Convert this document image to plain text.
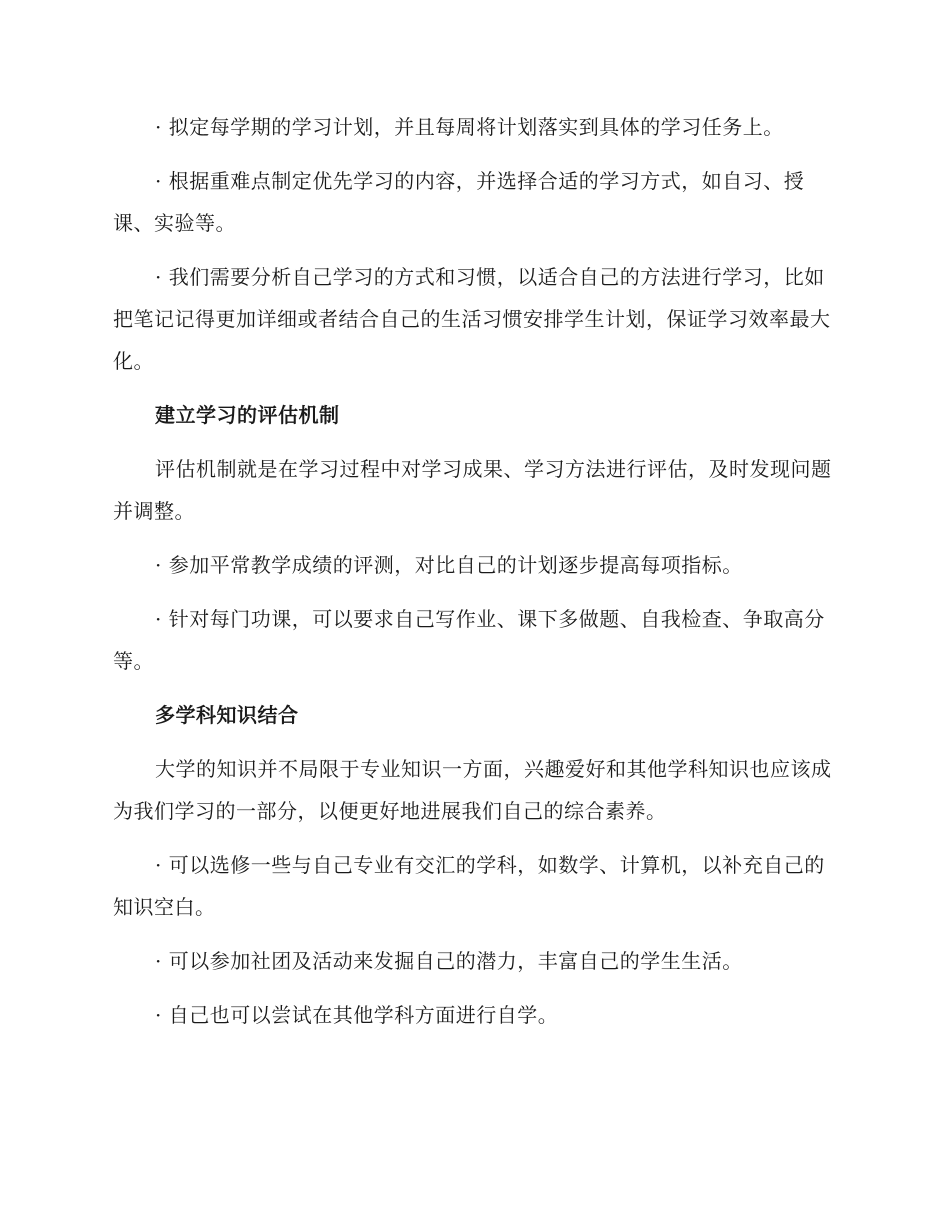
· 拟定每学期的学习计划，并且每周将计划落实到具体的学习任务上。

· 根据重难点制定优先学习的内容，并选择合适的学习方式，如自习、授课、实验等。

· 我们需要分析自己学习的方式和习惯，以适合自己的方法进行学习，比如把笔记记得更加详细或者结合自己的生活习惯安排学生计划，保证学习效率最大化。

建立学习的评估机制

评估机制就是在学习过程中对学习成果、学习方法进行评估，及时发现问题并调整。

· 参加平常教学成绩的评测，对比自己的计划逐步提高每项指标。

· 针对每门功课，可以要求自己写作业、课下多做题、自我检查、争取高分等。

多学科知识结合

大学的知识并不局限于专业知识一方面，兴趣爱好和其他学科知识也应该成为我们学习的一部分，以便更好地进展我们自己的综合素养。

· 可以选修一些与自己专业有交汇的学科，如数学、计算机，以补充自己的知识空白。

· 可以参加社团及活动来发掘自己的潜力，丰富自己的学生生活。

· 自己也可以尝试在其他学科方面进行自学。
